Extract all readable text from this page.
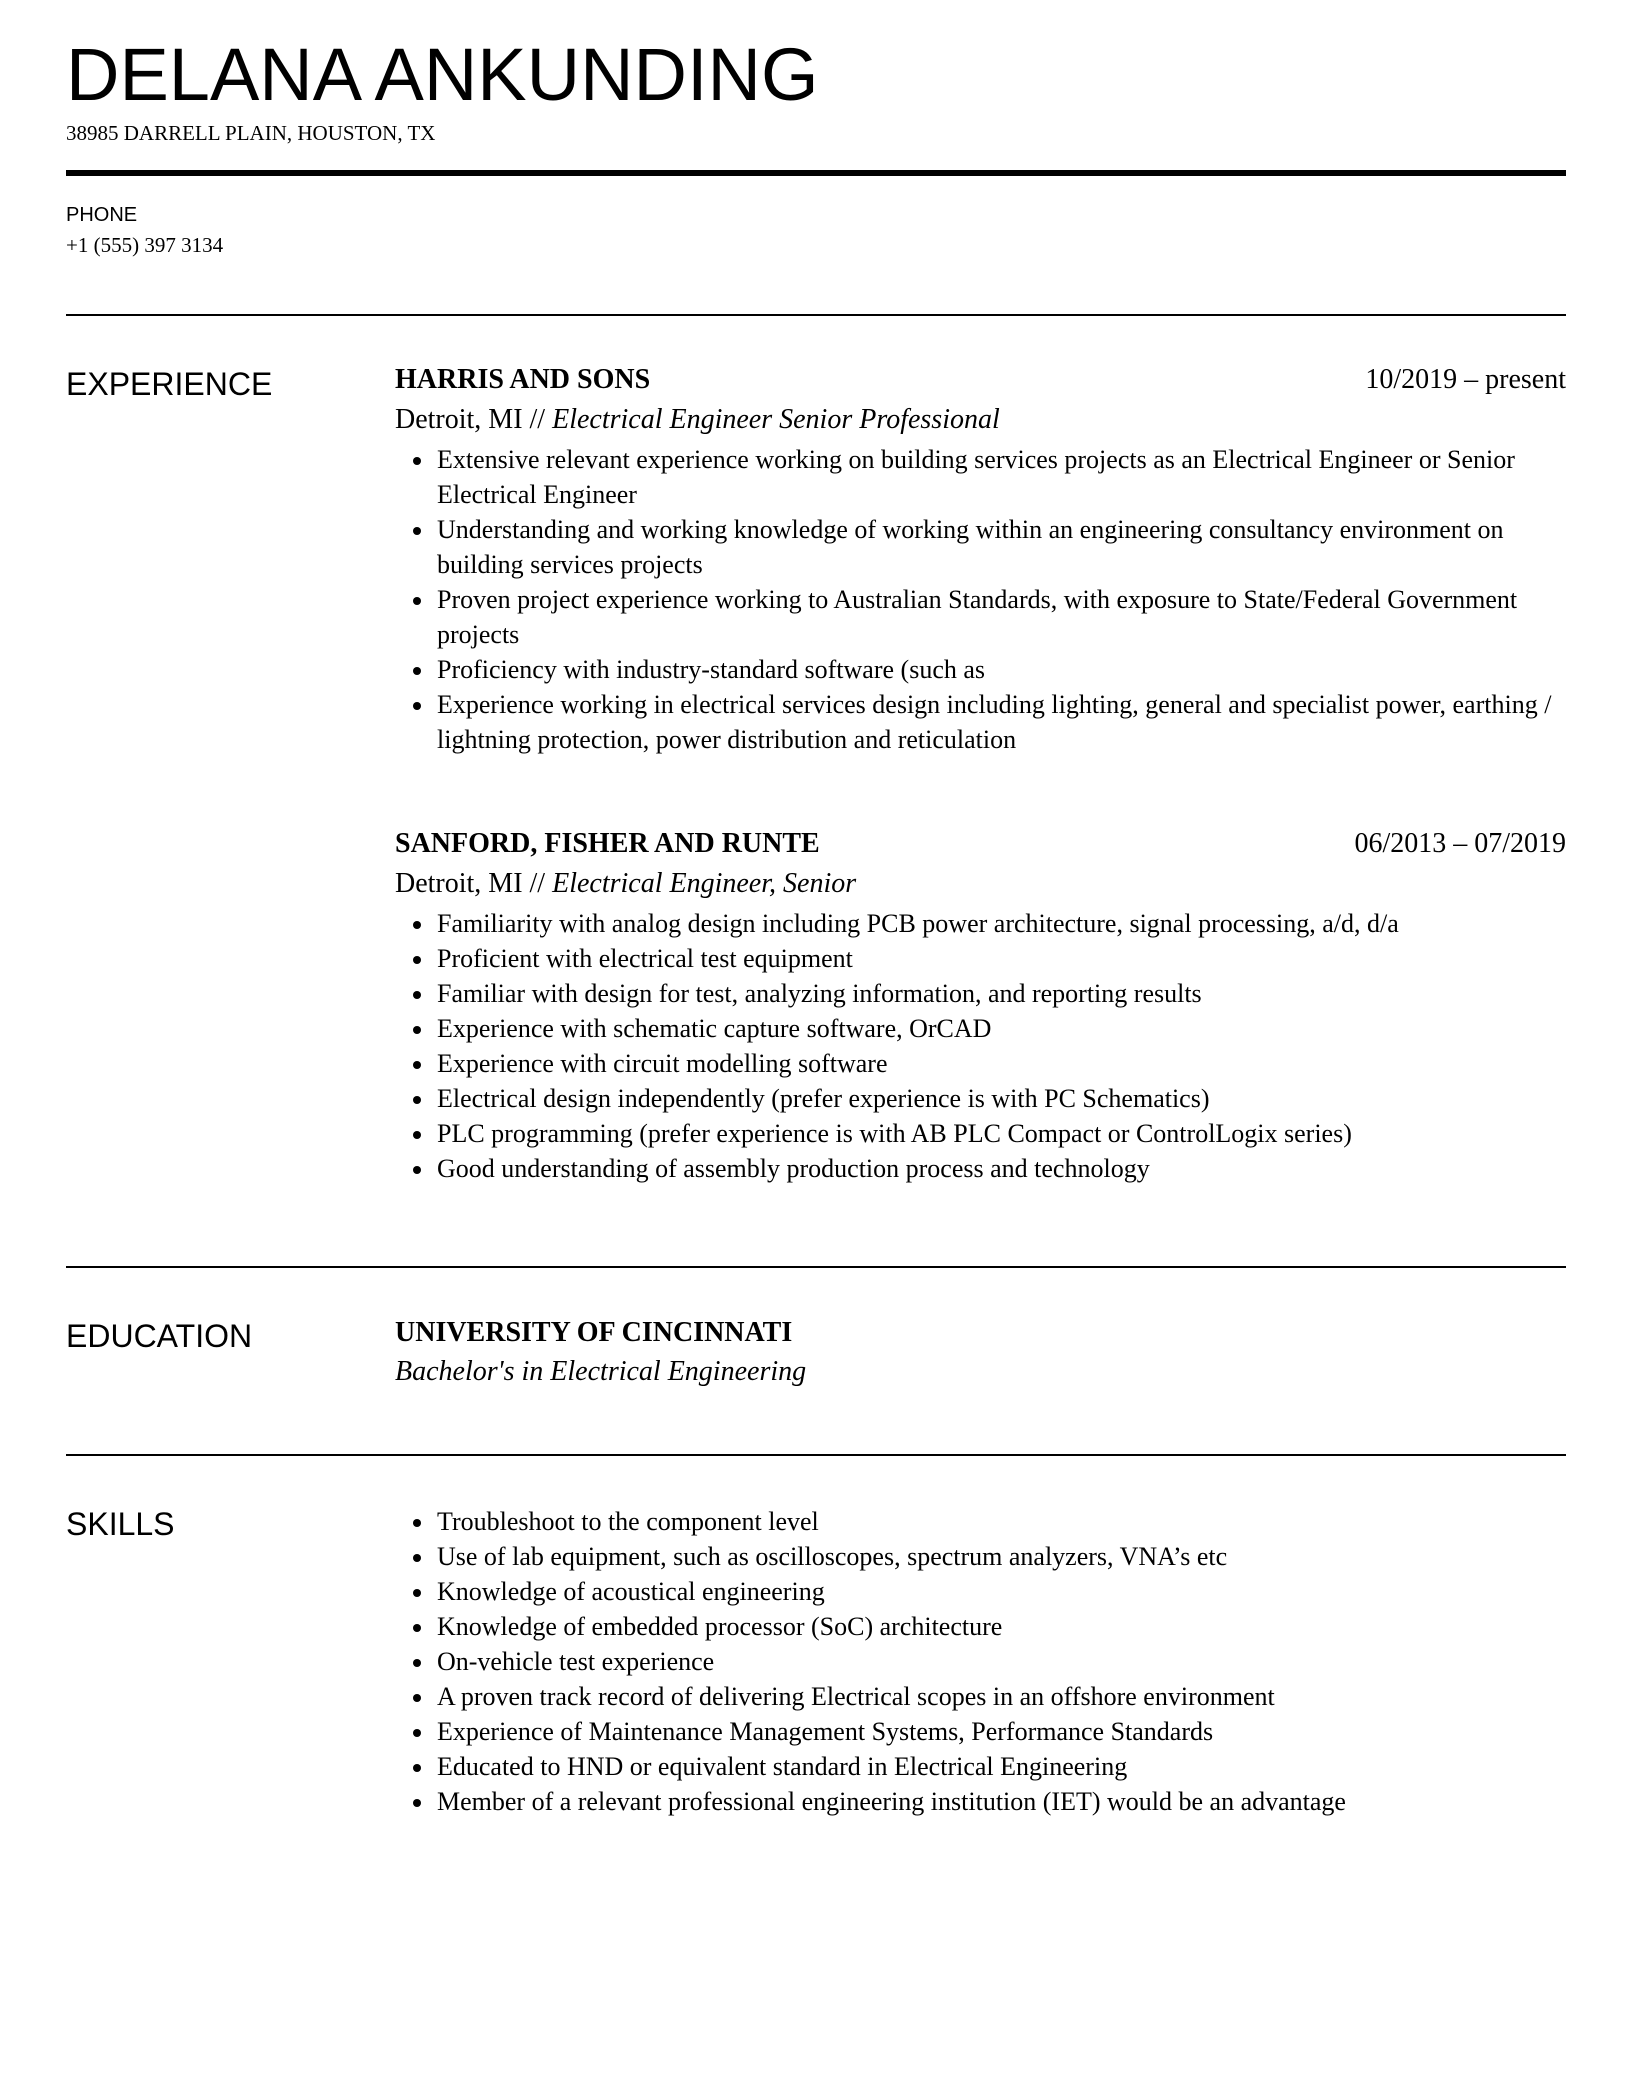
DELANA ANKUNDING
38985 DARRELL PLAIN, HOUSTON, TX
PHONE
+1 (555) 397 3134
EXPERIENCE	HARRIS AND SONS	10/2019 – present
Detroit, MI // Electrical Engineer Senior Professional
Extensive relevant experience working on building services projects as an Electrical Engineer or Senior Electrical Engineer
Understanding and working knowledge of working within an engineering consultancy environment on building services projects
Proven project experience working to Australian Standards, with exposure to State/Federal Government projects
Proficiency with industry-standard software (such as
Experience working in electrical services design including lighting, general and specialist power, earthing / lightning protection, power distribution and reticulation
SANFORD, FISHER AND RUNTE	06/2013 – 07/2019
Detroit, MI // Electrical Engineer, Senior
Familiarity with analog design including PCB power architecture, signal processing, a/d, d/a
Proficient with electrical test equipment
Familiar with design for test, analyzing information, and reporting results
Experience with schematic capture software, OrCAD
Experience with circuit modelling software
Electrical design independently (prefer experience is with PC Schematics)
PLC programming (prefer experience is with AB PLC Compact or ControlLogix series)
Good understanding of assembly production process and technology
EDUCATION	UNIVERSITY OF CINCINNATI
Bachelor's in Electrical Engineering
SKILLS	Troubleshoot to the component level
Use of lab equipment, such as oscilloscopes, spectrum analyzers, VNA’s etc
Knowledge of acoustical engineering
Knowledge of embedded processor (SoC) architecture
On-vehicle test experience
A proven track record of delivering Electrical scopes in an offshore environment
Experience of Maintenance Management Systems, Performance Standards
Educated to HND or equivalent standard in Electrical Engineering
Member of a relevant professional engineering institution (IET) would be an advantage
